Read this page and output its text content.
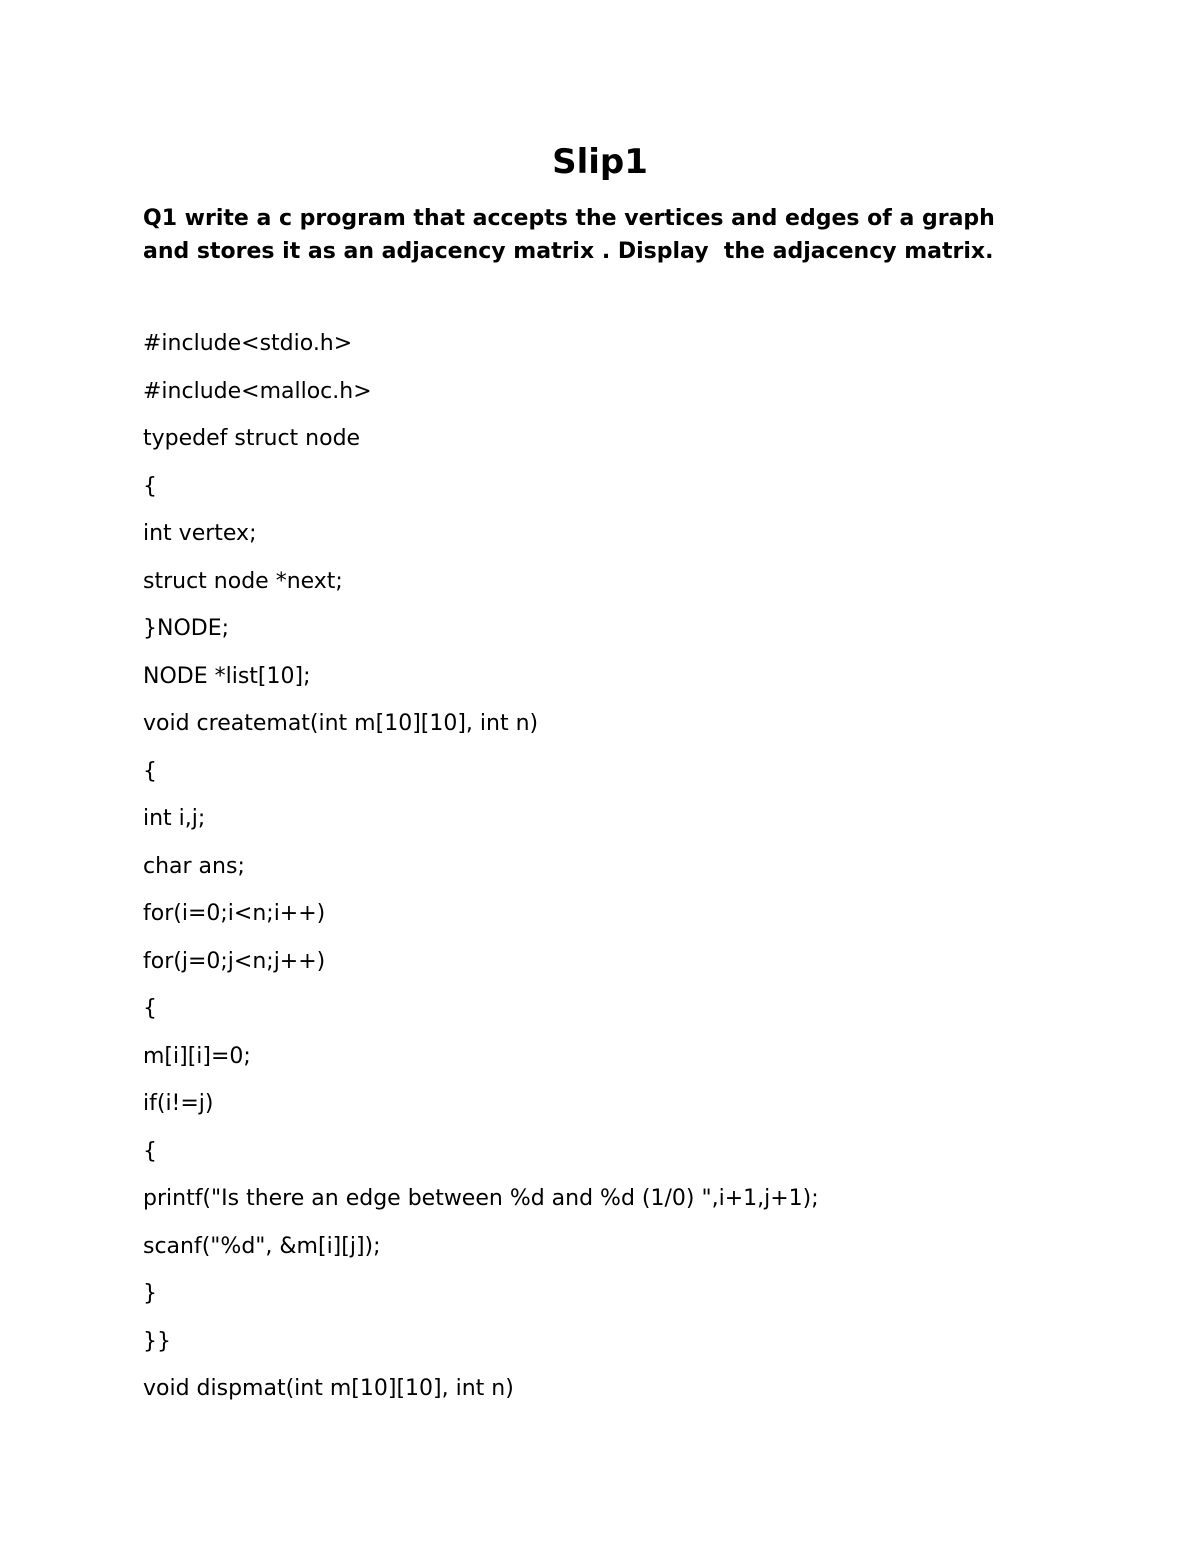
Slip1

Q1 write a c program that accepts the vertices and edges of a graph
and stores it as an adjacency matrix . Display  the adjacency matrix.

#include<stdio.h>
#include<malloc.h>
typedef struct node
{
int vertex;
struct node *next;
}NODE;
NODE *list[10];
void createmat(int m[10][10], int n)
{
int i,j;
char ans;
for(i=0;i<n;i++)
for(j=0;j<n;j++)
{
m[i][i]=0;
if(i!=j)
{
printf("Is there an edge between %d and %d (1/0) ",i+1,j+1);
scanf("%d", &m[i][j]);
}
}}
void dispmat(int m[10][10], int n)
